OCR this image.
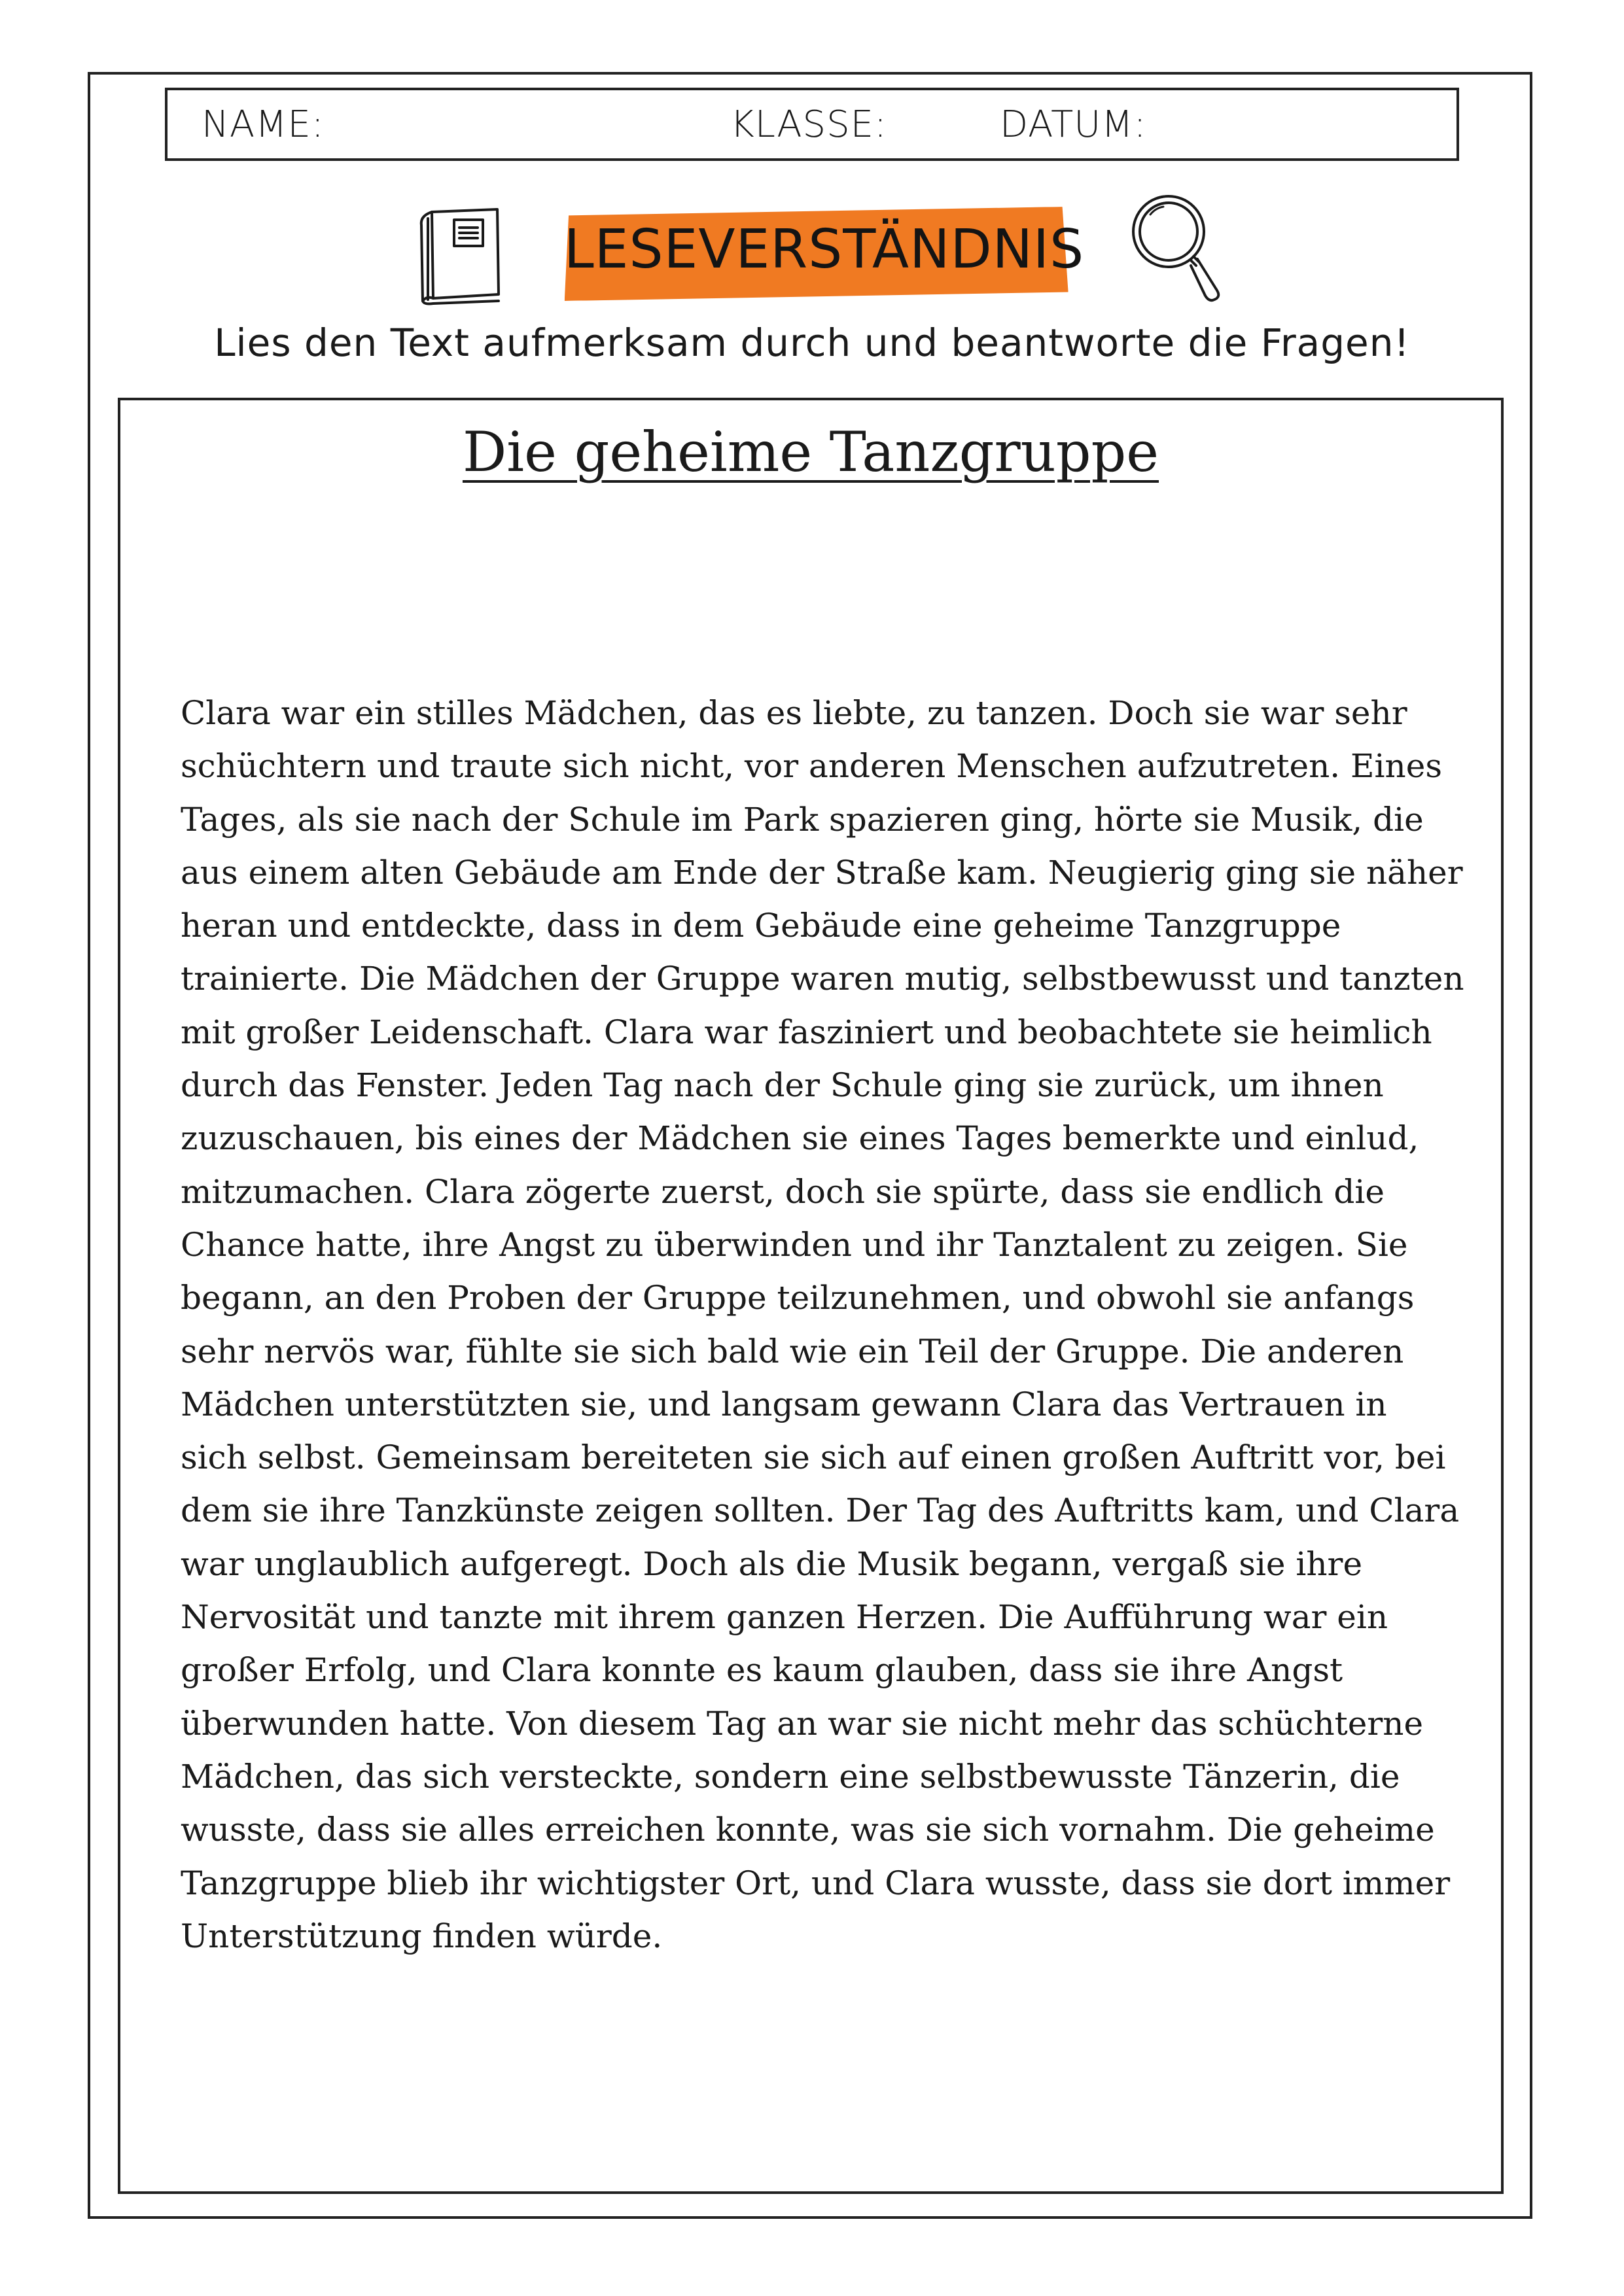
NAME:	KLASSE:	DATUM:
LESEVERSTÄNDNIS
Lies den Text aufmerksam durch und beantworte die Fragen!
Die geheime Tanzgruppe
Clara war ein stilles Mädchen, das es liebte, zu tanzen. Doch sie war sehr
schüchtern und traute sich nicht, vor anderen Menschen aufzutreten. Eines
Tages, als sie nach der Schule im Park spazieren ging, hörte sie Musik, die
aus einem alten Gebäude am Ende der Straße kam. Neugierig ging sie näher
heran und entdeckte, dass in dem Gebäude eine geheime Tanzgruppe
trainierte. Die Mädchen der Gruppe waren mutig, selbstbewusst und tanzten
mit großer Leidenschaft. Clara war fasziniert und beobachtete sie heimlich
durch das Fenster. Jeden Tag nach der Schule ging sie zurück, um ihnen
zuzuschauen, bis eines der Mädchen sie eines Tages bemerkte und einlud,
mitzumachen. Clara zögerte zuerst, doch sie spürte, dass sie endlich die
Chance hatte, ihre Angst zu überwinden und ihr Tanztalent zu zeigen. Sie
begann, an den Proben der Gruppe teilzunehmen, und obwohl sie anfangs
sehr nervös war, fühlte sie sich bald wie ein Teil der Gruppe. Die anderen
Mädchen unterstützten sie, und langsam gewann Clara das Vertrauen in
sich selbst. Gemeinsam bereiteten sie sich auf einen großen Auftritt vor, bei
dem sie ihre Tanzkünste zeigen sollten. Der Tag des Auftritts kam, und Clara
war unglaublich aufgeregt. Doch als die Musik begann, vergaß sie ihre
Nervosität und tanzte mit ihrem ganzen Herzen. Die Aufführung war ein
großer Erfolg, und Clara konnte es kaum glauben, dass sie ihre Angst
überwunden hatte. Von diesem Tag an war sie nicht mehr das schüchterne
Mädchen, das sich versteckte, sondern eine selbstbewusste Tänzerin, die
wusste, dass sie alles erreichen konnte, was sie sich vornahm. Die geheime
Tanzgruppe blieb ihr wichtigster Ort, und Clara wusste, dass sie dort immer
Unterstützung finden würde.
